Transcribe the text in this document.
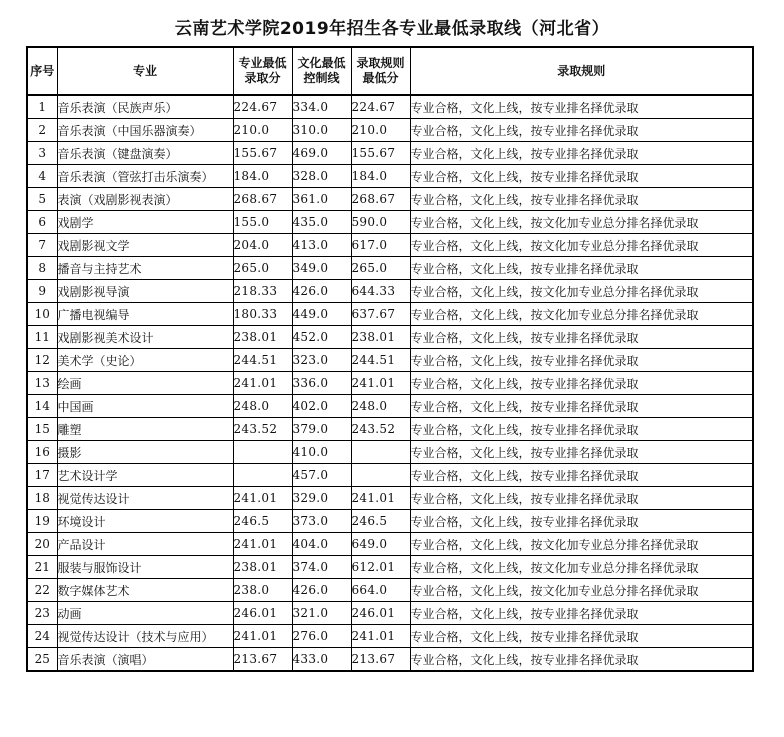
云南艺术学院2019年招生各专业最低录取线（河北省）
序号	专业	专业最低录取分	文化最低控制线	录取规则最低分	录取规则
1	音乐表演（民族声乐）	224.67	334.0	224.67	专业合格，文化上线，按专业排名择优录取
2	音乐表演（中国乐器演奏）	210.0	310.0	210.0	专业合格，文化上线，按专业排名择优录取
3	音乐表演（键盘演奏）	155.67	469.0	155.67	专业合格，文化上线，按专业排名择优录取
4	音乐表演（管弦打击乐演奏）	184.0	328.0	184.0	专业合格，文化上线，按专业排名择优录取
5	表演（戏剧影视表演）	268.67	361.0	268.67	专业合格，文化上线，按专业排名择优录取
6	戏剧学	155.0	435.0	590.0	专业合格，文化上线，按文化加专业总分排名择优录取
7	戏剧影视文学	204.0	413.0	617.0	专业合格，文化上线，按文化加专业总分排名择优录取
8	播音与主持艺术	265.0	349.0	265.0	专业合格，文化上线，按专业排名择优录取
9	戏剧影视导演	218.33	426.0	644.33	专业合格，文化上线，按文化加专业总分排名择优录取
10	广播电视编导	180.33	449.0	637.67	专业合格，文化上线，按文化加专业总分排名择优录取
11	戏剧影视美术设计	238.01	452.0	238.01	专业合格，文化上线，按专业排名择优录取
12	美术学（史论）	244.51	323.0	244.51	专业合格，文化上线，按专业排名择优录取
13	绘画	241.01	336.0	241.01	专业合格，文化上线，按专业排名择优录取
14	中国画	248.0	402.0	248.0	专业合格，文化上线，按专业排名择优录取
15	雕塑	243.52	379.0	243.52	专业合格，文化上线，按专业排名择优录取
16	摄影		410.0		专业合格，文化上线，按专业排名择优录取
17	艺术设计学		457.0		专业合格，文化上线，按专业排名择优录取
18	视觉传达设计	241.01	329.0	241.01	专业合格，文化上线，按专业排名择优录取
19	环境设计	246.5	373.0	246.5	专业合格，文化上线，按专业排名择优录取
20	产品设计	241.01	404.0	649.0	专业合格，文化上线，按文化加专业总分排名择优录取
21	服装与服饰设计	238.01	374.0	612.01	专业合格，文化上线，按文化加专业总分排名择优录取
22	数字媒体艺术	238.0	426.0	664.0	专业合格，文化上线，按文化加专业总分排名择优录取
23	动画	246.01	321.0	246.01	专业合格，文化上线，按专业排名择优录取
24	视觉传达设计（技术与应用）	241.01	276.0	241.01	专业合格，文化上线，按专业排名择优录取
25	音乐表演（演唱）	213.67	433.0	213.67	专业合格，文化上线，按专业排名择优录取
